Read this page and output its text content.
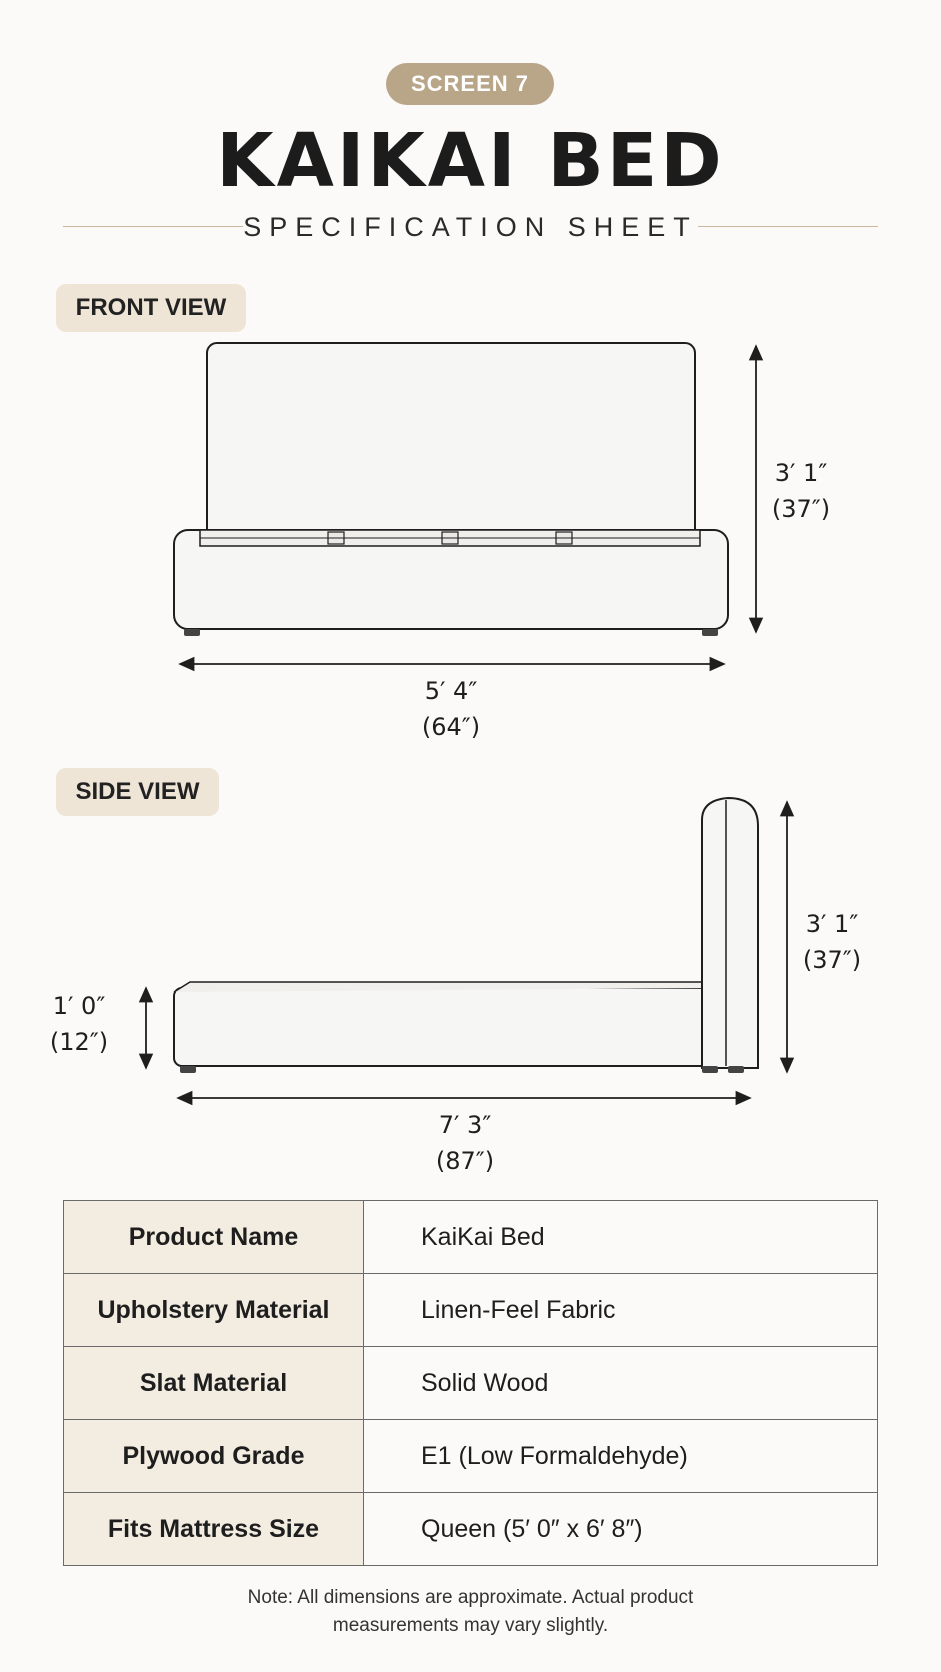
SCREEN 7
KAIKAI BED
SPECIFICATION SHEET
FRONT VIEW
SIDE VIEW
3′ 1″
(37″)
5′ 4″
(64″)
3′ 1″
(37″)
1′ 0″
(12″)
7′ 3″
(87″)
Product Name	KaiKai Bed
Upholstery Material	Linen-Feel Fabric
Slat Material	Solid Wood
Plywood Grade	E1 (Low Formaldehyde)
Fits Mattress Size	Queen (5′ 0″ x 6′ 8″)
Note: All dimensions are approximate. Actual product
measurements may vary slightly.
